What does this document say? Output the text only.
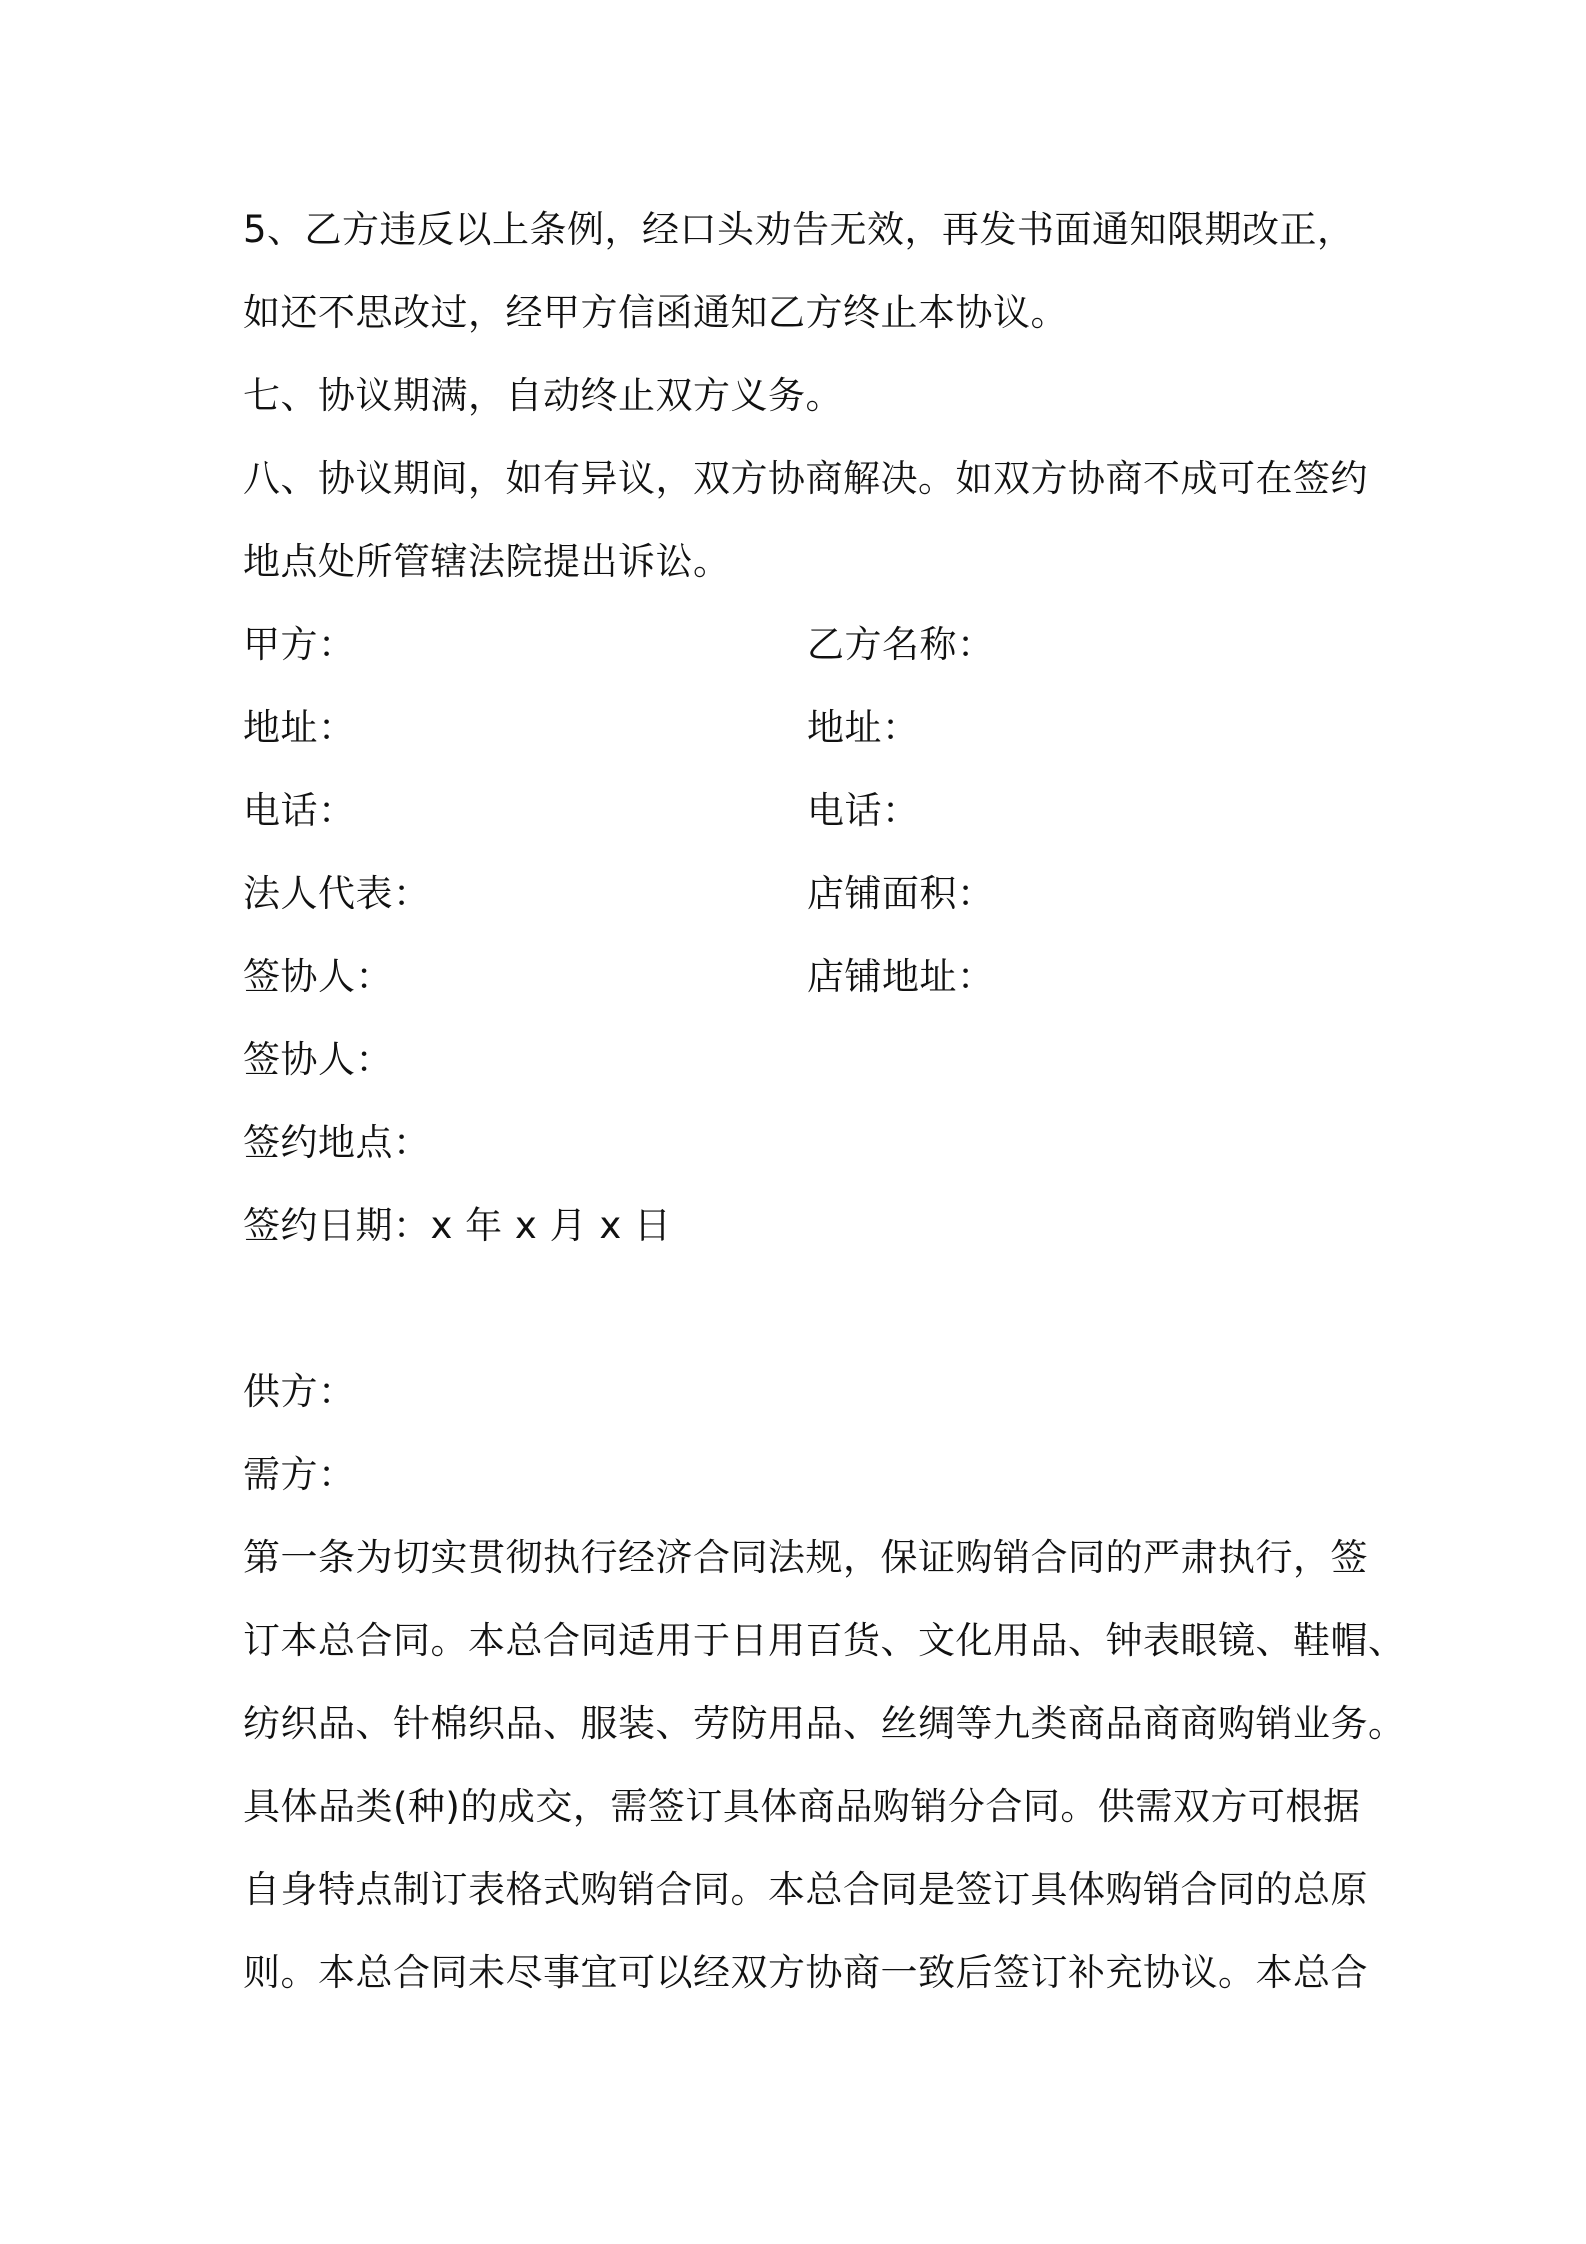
5、乙方违反以上条例，经口头劝告无效，再发书面通知限期改正，
如还不思改过，经甲方信函通知乙方终止本协议。
七、协议期满，自动终止双方义务。
八、协议期间，如有异议，双方协商解决。如双方协商不成可在签约
地点处所管辖法院提出诉讼。
甲方：	乙方名称：
地址：	地址：
电话：	电话：
法人代表：	店铺面积：
签协人：	店铺地址：
签协人：
签约地点：
签约日期：x 年 x 月 x 日
供方：
需方：
第一条为切实贯彻执行经济合同法规，保证购销合同的严肃执行，签
订本总合同。本总合同适用于日用百货、文化用品、钟表眼镜、鞋帽、
纺织品、针棉织品、服装、劳防用品、丝绸等九类商品商商购销业务。
具体品类(种)的成交，需签订具体商品购销分合同。供需双方可根据
自身特点制订表格式购销合同。本总合同是签订具体购销合同的总原
则。本总合同未尽事宜可以经双方协商一致后签订补充协议。本总合
